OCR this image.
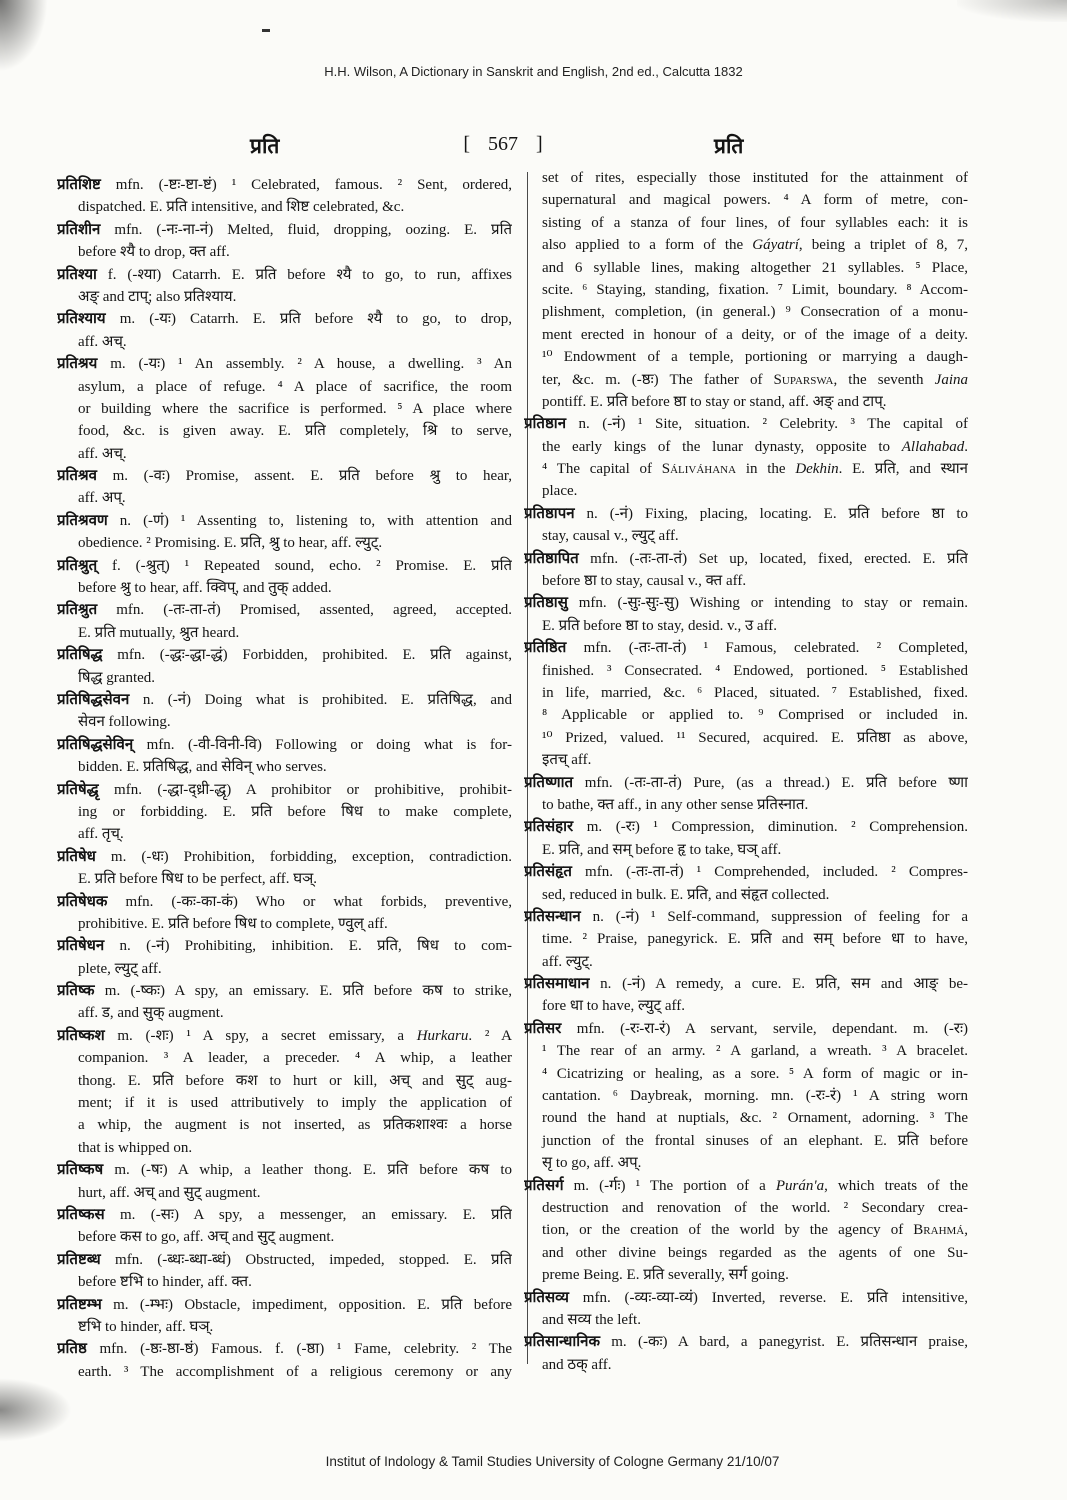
H.H. Wilson, A Dictionary in Sanskrit and English, 2nd ed., Calcutta 1832
प्रति	[ 567 ]	प्रति
प्रतिशिष्ट mfn. (-ष्टः-ष्टा-ष्टं) ¹ Celebrated, famous. ² Sent, ordered,
dispatched. E. प्रति intensitive, and शिष्ट celebrated, &c.
प्रतिशीन mfn. (-नः-ना-नं) Melted, fluid, dropping, oozing. E. प्रति
before श्यै to drop, क्त aff.
प्रतिश्या f. (-श्या) Catarrh. E. प्रति before श्यै to go, to run, affixes
अङ् and टाप्; also प्रतिश्याय.
प्रतिश्याय m. (-यः) Catarrh. E. प्रति before श्यै to go, to drop,
aff. अच्.
प्रतिश्रय m. (-यः) ¹ An assembly. ² A house, a dwelling. ³ An
asylum, a place of refuge. ⁴ A place of sacrifice, the room
or building where the sacrifice is performed. ⁵ A place where
food, &c. is given away. E. प्रति completely, श्रि to serve,
aff. अच्.
प्रतिश्रव m. (-वः) Promise, assent. E. प्रति before श्रु to hear,
aff. अप्.
प्रतिश्रवण n. (-णं) ¹ Assenting to, listening to, with attention and
obedience. ² Promising. E. प्रति, श्रु to hear, aff. ल्युट्.
प्रतिश्रुत् f. (-श्रुत्) ¹ Repeated sound, echo. ² Promise. E. प्रति
before श्रु to hear, aff. क्विप्, and तुक् added.
प्रतिश्रुत mfn. (-तः-ता-तं) Promised, assented, agreed, accepted.
E. प्रति mutually, श्रुत heard.
प्रतिषिद्ध mfn. (-द्धः-द्धा-द्धं) Forbidden, prohibited. E. प्रति against,
षिद्ध granted.
प्रतिषिद्धसेवन n. (-नं) Doing what is prohibited. E. प्रतिषिद्ध, and
सेवन following.
प्रतिषिद्धसेविन् mfn. (-वी-विनी-वि) Following or doing what is for-
bidden. E. प्रतिषिद्ध, and सेविन् who serves.
प्रतिषेद्धृ mfn. (-द्धा-द्ध्री-द्धृ) A prohibitor or prohibitive, prohibit-
ing or forbidding. E. प्रति before षिध to make complete,
aff. तृच्.
प्रतिषेध m. (-धः) Prohibition, forbidding, exception, contradiction.
E. प्रति before षिध to be perfect, aff. घञ्.
प्रतिषेधक mfn. (-कः-का-कं) Who or what forbids, preventive,
prohibitive. E. प्रति before षिध to complete, ण्वुल् aff.
प्रतिषेधन n. (-नं) Prohibiting, inhibition. E. प्रति, षिध to com-
plete, ल्युट् aff.
प्रतिष्क m. (-ष्कः) A spy, an emissary. E. प्रति before कष to strike,
aff. ड, and सुक् augment.
प्रतिष्कश m. (-शः) ¹ A spy, a secret emissary, a Hurkaru. ² A
companion. ³ A leader, a preceder. ⁴ A whip, a leather
thong. E. प्रति before कश to hurt or kill, अच् and सुट् aug-
ment; if it is used attributively to imply the application of
a whip, the augment is not inserted, as प्रतिकशाश्वः a horse
that is whipped on.
प्रतिष्कष m. (-षः) A whip, a leather thong. E. प्रति before कष to
hurt, aff. अच् and सुट् augment.
प्रतिष्कस m. (-सः) A spy, a messenger, an emissary. E. प्रति
before कस to go, aff. अच् and सुट् augment.
प्रतिष्टब्ध mfn. (-ब्धः-ब्धा-ब्धं) Obstructed, impeded, stopped. E. प्रति
before ष्टभि to hinder, aff. क्त.
प्रतिष्टम्भ m. (-म्भः) Obstacle, impediment, opposition. E. प्रति before
ष्टभि to hinder, aff. घञ्.
प्रतिष्ठ mfn. (-ष्ठः-ष्ठा-ष्ठं) Famous. f. (-ष्ठा) ¹ Fame, celebrity. ² The
earth. ³ The accomplishment of a religious ceremony or any
set of rites, especially those instituted for the attainment of
supernatural and magical powers. ⁴ A form of metre, con-
sisting of a stanza of four lines, of four syllables each: it is
also applied to a form of the Gáyatrí, being a triplet of 8, 7,
and 6 syllable lines, making altogether 21 syllables. ⁵ Place,
scite. ⁶ Staying, standing, fixation. ⁷ Limit, boundary. ⁸ Accom-
plishment, completion, (in general.) ⁹ Consecration of a monu-
ment erected in honour of a deity, or of the image of a deity.
¹⁰ Endowment of a temple, portioning or marrying a daugh-
ter, &c. m. (-ष्ठः) The father of Suparswa, the seventh Jaina
pontiff. E. प्रति before ष्ठा to stay or stand, aff. अङ् and टाप्.
प्रतिष्ठान n. (-नं) ¹ Site, situation. ² Celebrity. ³ The capital of
the early kings of the lunar dynasty, opposite to Allahabad.
⁴ The capital of Sáliváhana in the Dekhin. E. प्रति, and स्थान
place.
प्रतिष्ठापन n. (-नं) Fixing, placing, locating. E. प्रति before ष्ठा to
stay, causal v., ल्युट् aff.
प्रतिष्ठापित mfn. (-तः-ता-तं) Set up, located, fixed, erected. E. प्रति
before ष्ठा to stay, causal v., क्त aff.
प्रतिष्ठासु mfn. (-सुः-सुः-सु) Wishing or intending to stay or remain.
E. प्रति before ष्ठा to stay, desid. v., उ aff.
प्रतिष्ठित mfn. (-तः-ता-तं) ¹ Famous, celebrated. ² Completed,
finished. ³ Consecrated. ⁴ Endowed, portioned. ⁵ Established
in life, married, &c. ⁶ Placed, situated. ⁷ Established, fixed.
⁸ Applicable or applied to. ⁹ Comprised or included in.
¹⁰ Prized, valued. ¹¹ Secured, acquired. E. प्रतिष्ठा as above,
इतच् aff.
प्रतिष्णात mfn. (-तः-ता-तं) Pure, (as a thread.) E. प्रति before ष्णा
to bathe, क्त aff., in any other sense प्रतिस्नात.
प्रतिसंहार m. (-रः) ¹ Compression, diminution. ² Comprehension.
E. प्रति, and सम् before हृ to take, घञ् aff.
प्रतिसंहृत mfn. (-तः-ता-तं) ¹ Comprehended, included. ² Compres-
sed, reduced in bulk. E. प्रति, and संहृत collected.
प्रतिसन्धान n. (-नं) ¹ Self-command, suppression of feeling for a
time. ² Praise, panegyrick. E. प्रति and सम् before धा to have,
aff. ल्युट्.
प्रतिसमाधान n. (-नं) A remedy, a cure. E. प्रति, सम and आङ् be-
fore धा to have, ल्युट् aff.
प्रतिसर mfn. (-रः-रा-रं) A servant, servile, dependant. m. (-रः)
¹ The rear of an army. ² A garland, a wreath. ³ A bracelet.
⁴ Cicatrizing or healing, as a sore. ⁵ A form of magic or in-
cantation. ⁶ Daybreak, morning. mn. (-रः-रं) ¹ A string worn
round the hand at nuptials, &c. ² Ornament, adorning. ³ The
junction of the frontal sinuses of an elephant. E. प्रति before
सृ to go, aff. अप्.
प्रतिसर्ग m. (-र्गः) ¹ The portion of a Purán'a, which treats of the
destruction and renovation of the world. ² Secondary crea-
tion, or the creation of the world by the agency of Brahmá,
and other divine beings regarded as the agents of one Su-
preme Being. E. प्रति severally, सर्ग going.
प्रतिसव्य mfn. (-व्यः-व्या-व्यं) Inverted, reverse. E. प्रति intensitive,
and सव्य the left.
प्रतिसान्धानिक m. (-कः) A bard, a panegyrist. E. प्रतिसन्धान praise,
and ठक् aff.
Institut of Indology & Tamil Studies University of Cologne Germany 21/10/07
